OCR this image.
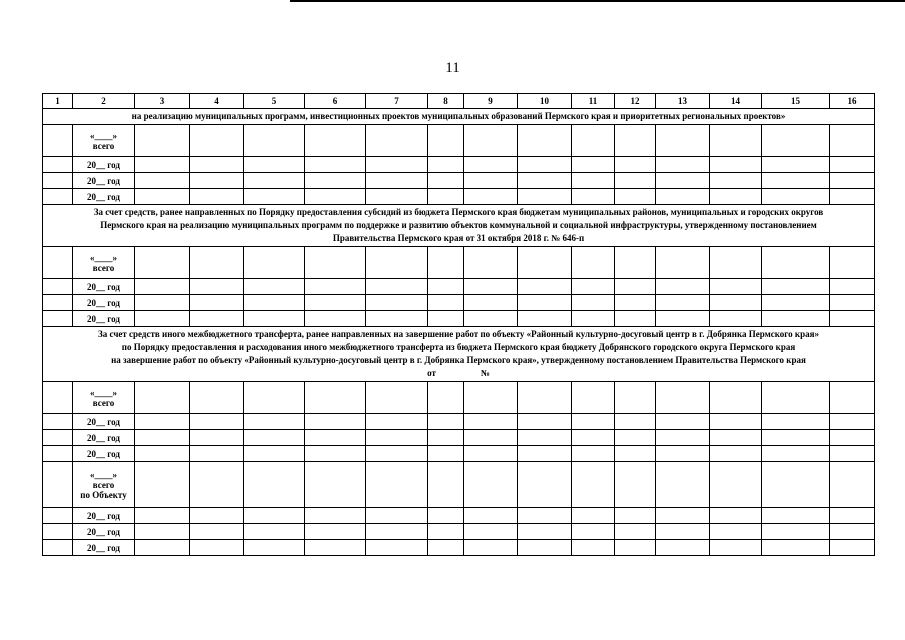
11
1	2	3	4	5	6	7	8	9	10	11	12	13	14	15	16

на реализацию муниципальных программ, инвестиционных проектов муниципальных образований Пермского края и приоритетных региональных проектов»															

	«____»
всего														

	20__ год														

	20__ год														

	20__ год														

За счет средств, ранее направленных по Порядку предоставления субсидий из бюджета Пермского края бюджетам муниципальных районов, муниципальных и городских округов
Пермского края на реализацию муниципальных программ по поддержке и развитию объектов коммунальной и социальной инфраструктуры, утвержденному постановлением
Правительства Пермского края от 31 октября 2018 г. № 646-п															

	«____»
всего														

	20__ год														

	20__ год														

	20__ год														

За счет средств иного межбюджетного трансферта, ранее направленных на завершение работ по объекту «Районный культурно-досуговый центр в г. Добрянка Пермского края»
по Порядку предоставления и расходования иного межбюджетного трансферта из бюджета Пермского края бюджету Добрянского городского округа Пермского края
на завершение работ по объекту «Районный культурно-досуговый центр в г. Добрянка Пермского края», утвержденному постановлением Правительства Пермского края
от                    №															

	«____»
всего														

	20__ год														

	20__ год														

	20__ год														

	«____»
всего
по Объекту														

	20__ год														

	20__ год														

	20__ год														
